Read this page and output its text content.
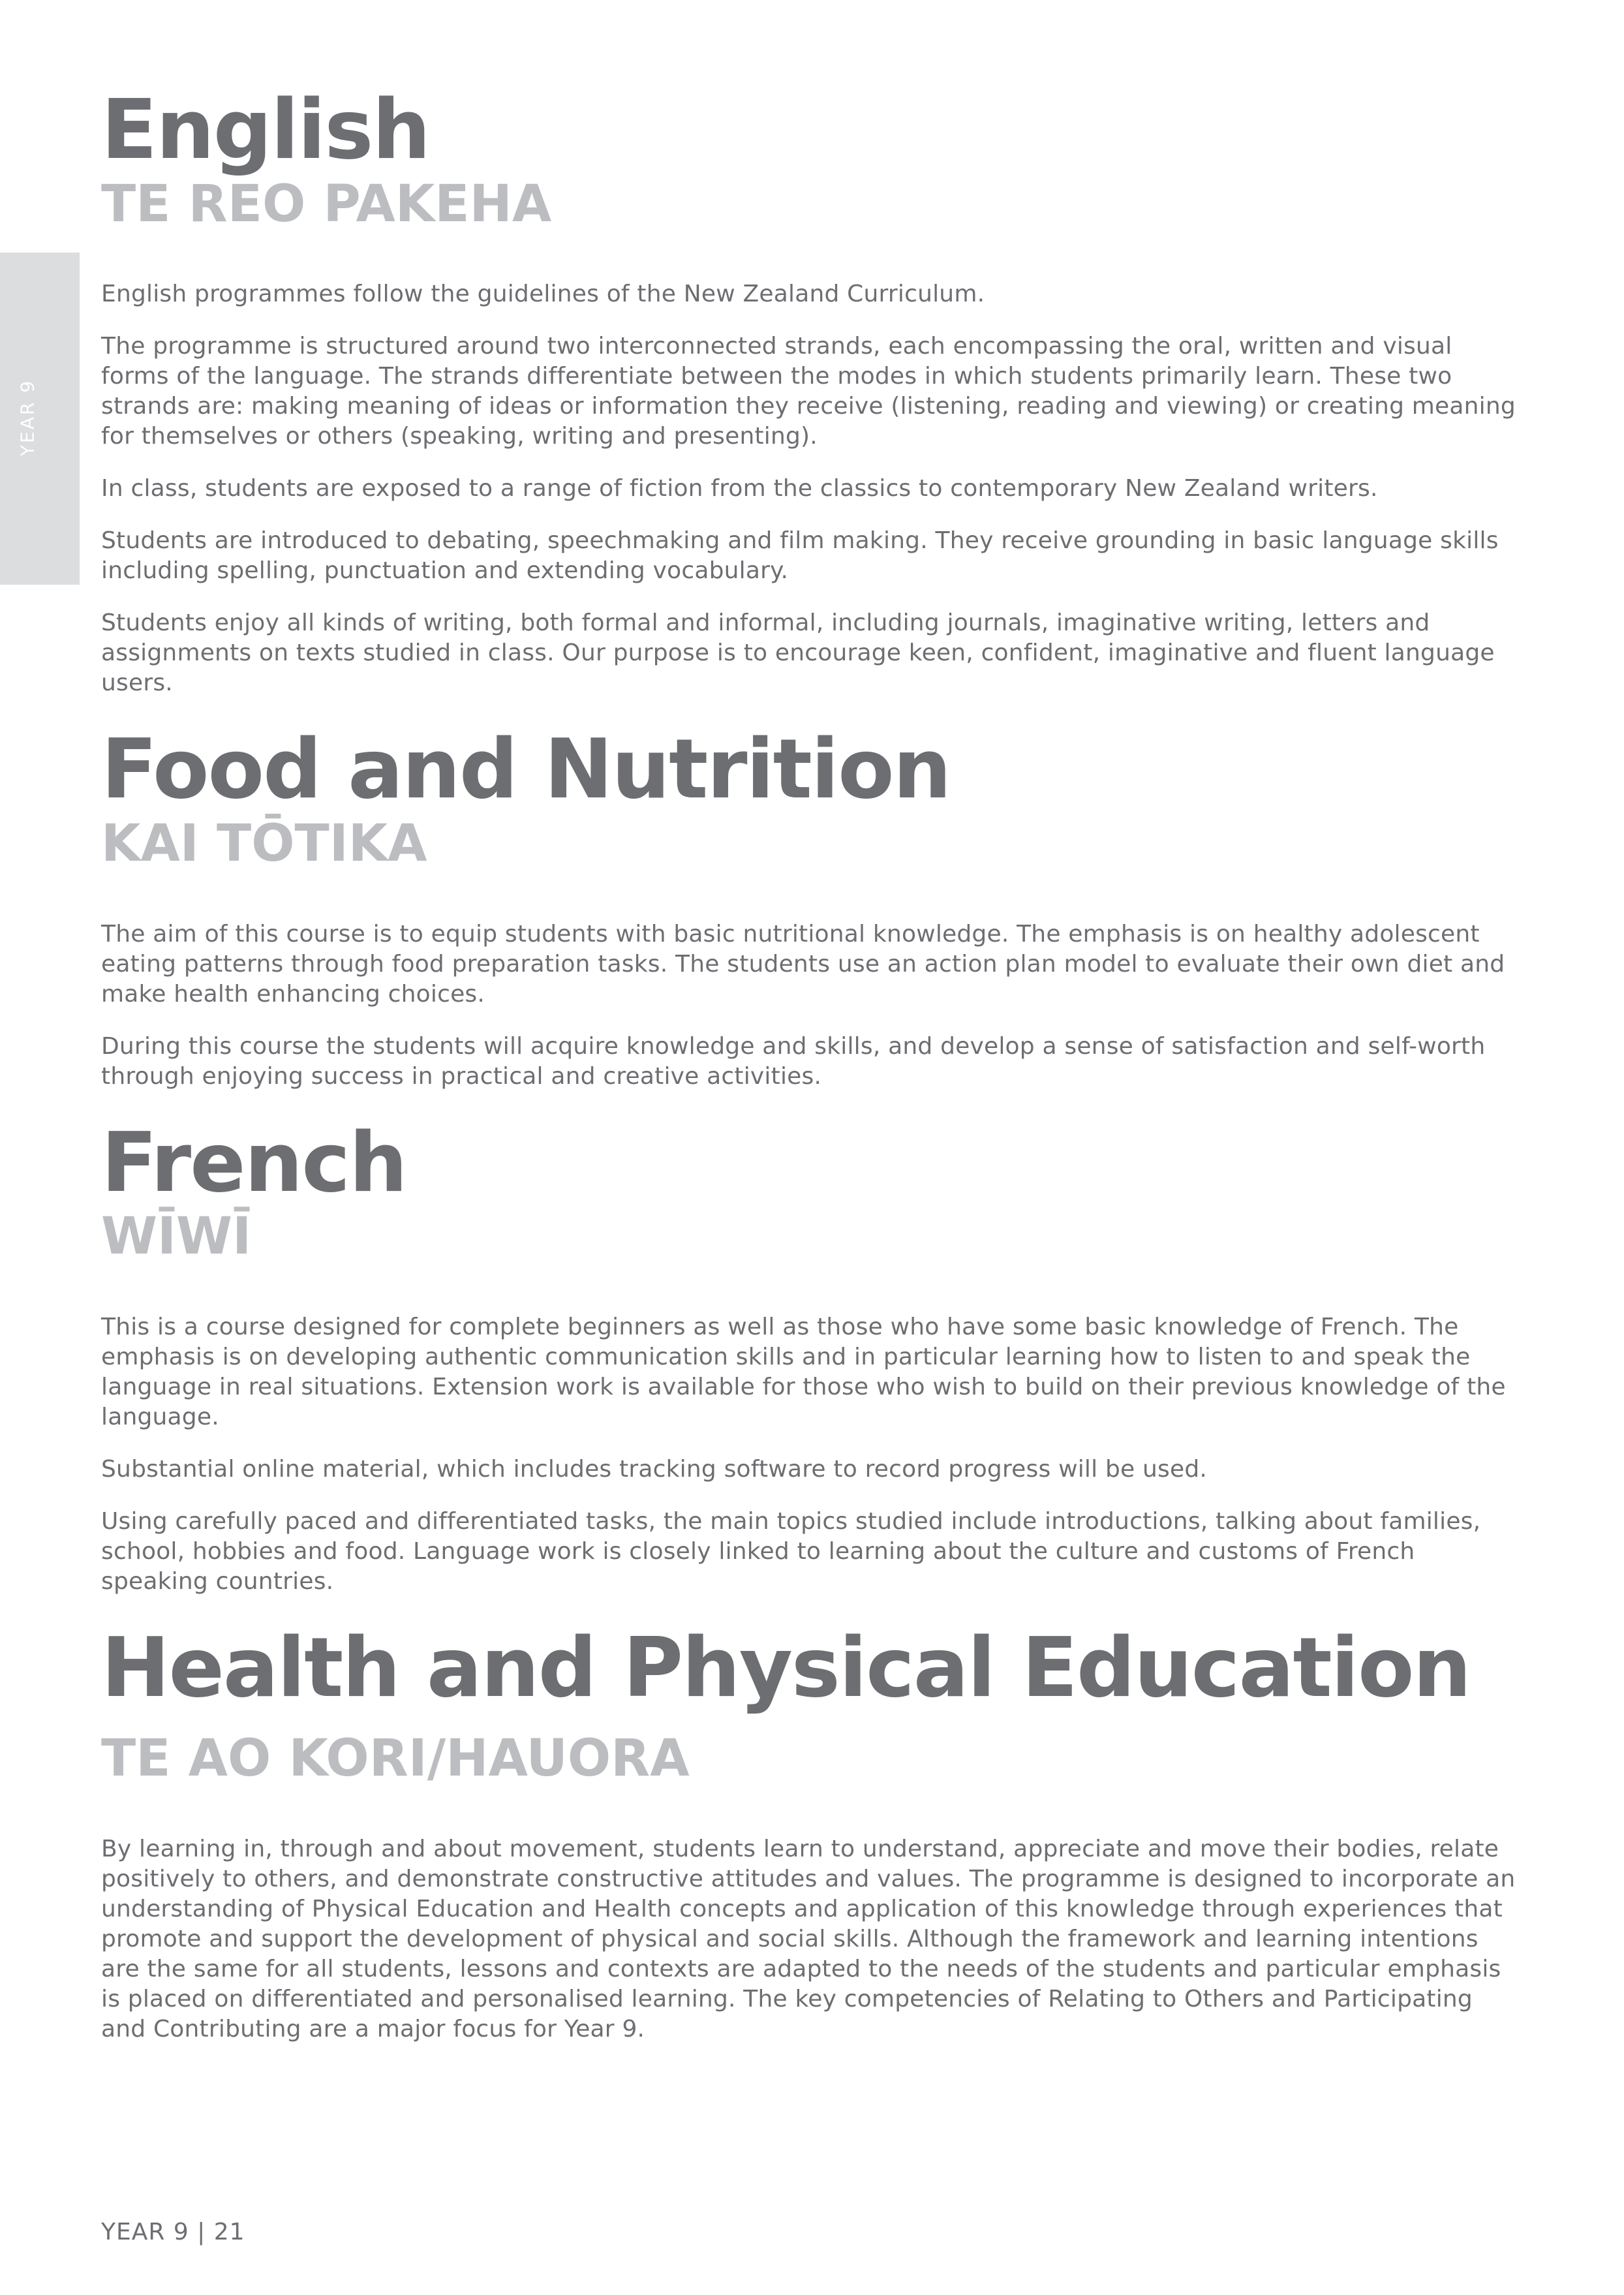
YEAR 9
English
TE REO PAKEHA

English programmes follow the guidelines of the New Zealand Curriculum.

The programme is structured around two interconnected strands, each encompassing the oral, written and visual forms of the language. The strands differentiate between the modes in which students primarily learn. These two strands are: making meaning of ideas or information they receive (listening, reading and viewing) or creating meaning for themselves or others (speaking, writing and presenting).

In class, students are exposed to a range of fiction from the classics to contemporary New Zealand writers.

Students are introduced to debating, speechmaking and film making. They receive grounding in basic language skills including spelling, punctuation and extending vocabulary.

Students enjoy all kinds of writing, both formal and informal, including journals, imaginative writing, letters and assignments on texts studied in class. Our purpose is to encourage keen, confident, imaginative and fluent language users.

Food and Nutrition
KAI TŌTIKA

The aim of this course is to equip students with basic nutritional knowledge. The emphasis is on healthy adolescent eating patterns through food preparation tasks. The students use an action plan model to evaluate their own diet and make health enhancing choices.

During this course the students will acquire knowledge and skills, and develop a sense of satisfaction and self-worth through enjoying success in practical and creative activities.

French
WĪWĪ

This is a course designed for complete beginners as well as those who have some basic knowledge of French. The emphasis is on developing authentic communication skills and in particular learning how to listen to and speak the language in real situations. Extension work is available for those who wish to build on their previous knowledge of the language.

Substantial online material, which includes tracking software to record progress will be used.

Using carefully paced and differentiated tasks, the main topics studied include introductions, talking about families, school, hobbies and food. Language work is closely linked to learning about the culture and customs of French speaking countries.

Health and Physical Education
TE AO KORI/HAUORA

By learning in, through and about movement, students learn to understand, appreciate and move their bodies, relate positively to others, and demonstrate constructive attitudes and values. The programme is designed to incorporate an understanding of Physical Education and Health concepts and application of this knowledge through experiences that promote and support the development of physical and social skills. Although the framework and learning intentions are the same for all students, lessons and contexts are adapted to the needs of the students and particular emphasis is placed on differentiated and personalised learning. The key competencies of Relating to Others and Participating and Contributing are a major focus for Year 9.

YEAR 9 | 21
